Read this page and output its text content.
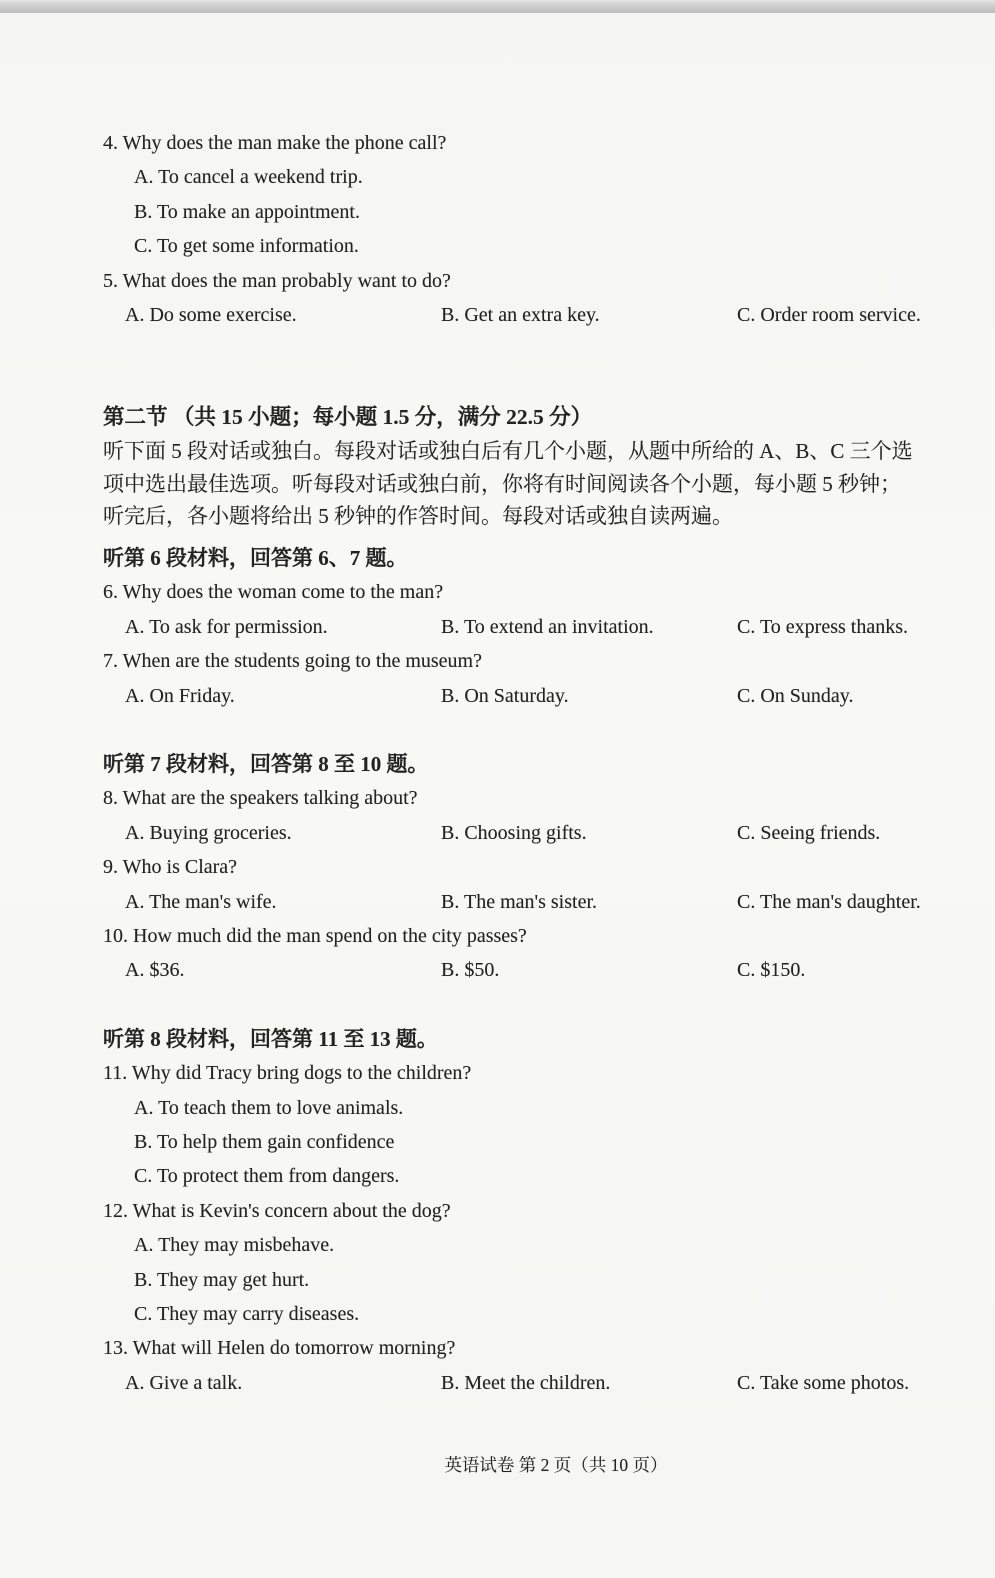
4. Why does the man make the phone call?
A. To cancel a weekend trip.
B. To make an appointment.
C. To get some information.
5. What does the man probably want to do?
A. Do some exercise.	B. Get an extra key.	C. Order room service.
第二节 （共 15 小题；每小题 1.5 分，满分 22.5 分）

听下面 5 段对话或独白。每段对话或独白后有几个小题，从题中所给的 A、B、C 三个选

项中选出最佳选项。听每段对话或独白前，你将有时间阅读各个小题，每小题 5 秒钟；

听完后，各小题将给出 5 秒钟的作答时间。每段对话或独自读两遍。

听第 6 段材料，回答第 6、7 题。
6. Why does the woman come to the man?
A. To ask for permission.	B. To extend an invitation.	C. To express thanks.
7. When are the students going to the museum?
A. On Friday.	B. On Saturday.	C. On Sunday.
听第 7 段材料，回答第 8 至 10 题。
8. What are the speakers talking about?
A. Buying groceries.	B. Choosing gifts.	C. Seeing friends.
9. Who is Clara?
A. The man's wife.	B. The man's sister.	C. The man's daughter.
10. How much did the man spend on the city passes?
A. $36.	B. $50.	C. $150.
听第 8 段材料，回答第 11 至 13 题。
11. Why did Tracy bring dogs to the children?
A. To teach them to love animals.
B. To help them gain confidence
C. To protect them from dangers.
12. What is Kevin's concern about the dog?
A. They may misbehave.
B. They may get hurt.
C. They may carry diseases.
13. What will Helen do tomorrow morning?
A. Give a talk.	B. Meet the children.	C. Take some photos.
英语试卷 第 2 页（共 10 页）
